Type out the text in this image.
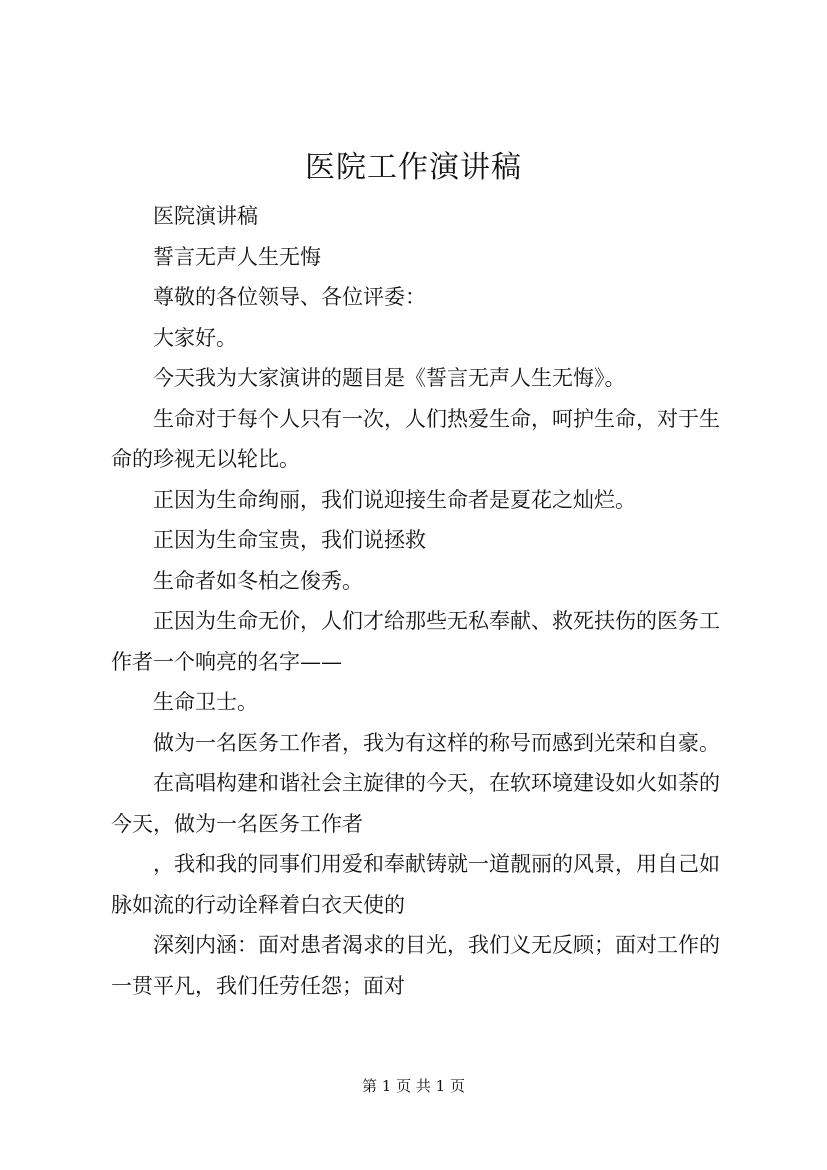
医院工作演讲稿

医院演讲稿

誓言无声人生无悔

尊敬的各位领导、各位评委：

大家好。

今天我为大家演讲的题目是《誓言无声人生无悔》。

生命对于每个人只有一次，人们热爱生命，呵护生命，对于生命的珍视无以轮比。

正因为生命绚丽，我们说迎接生命者是夏花之灿烂。

正因为生命宝贵，我们说拯救

生命者如冬柏之俊秀。

正因为生命无价，人们才给那些无私奉献、救死扶伤的医务工作者一个响亮的名字——

生命卫士。

做为一名医务工作者，我为有这样的称号而感到光荣和自豪。

在高唱构建和谐社会主旋律的今天，在软环境建设如火如荼的今天，做为一名医务工作者

，我和我的同事们用爱和奉献铸就一道靓丽的风景，用自己如脉如流的行动诠释着白衣天使的

深刻内涵：面对患者渴求的目光，我们义无反顾；面对工作的一贯平凡，我们任劳任怨；面对

第 1 页 共 1 页
